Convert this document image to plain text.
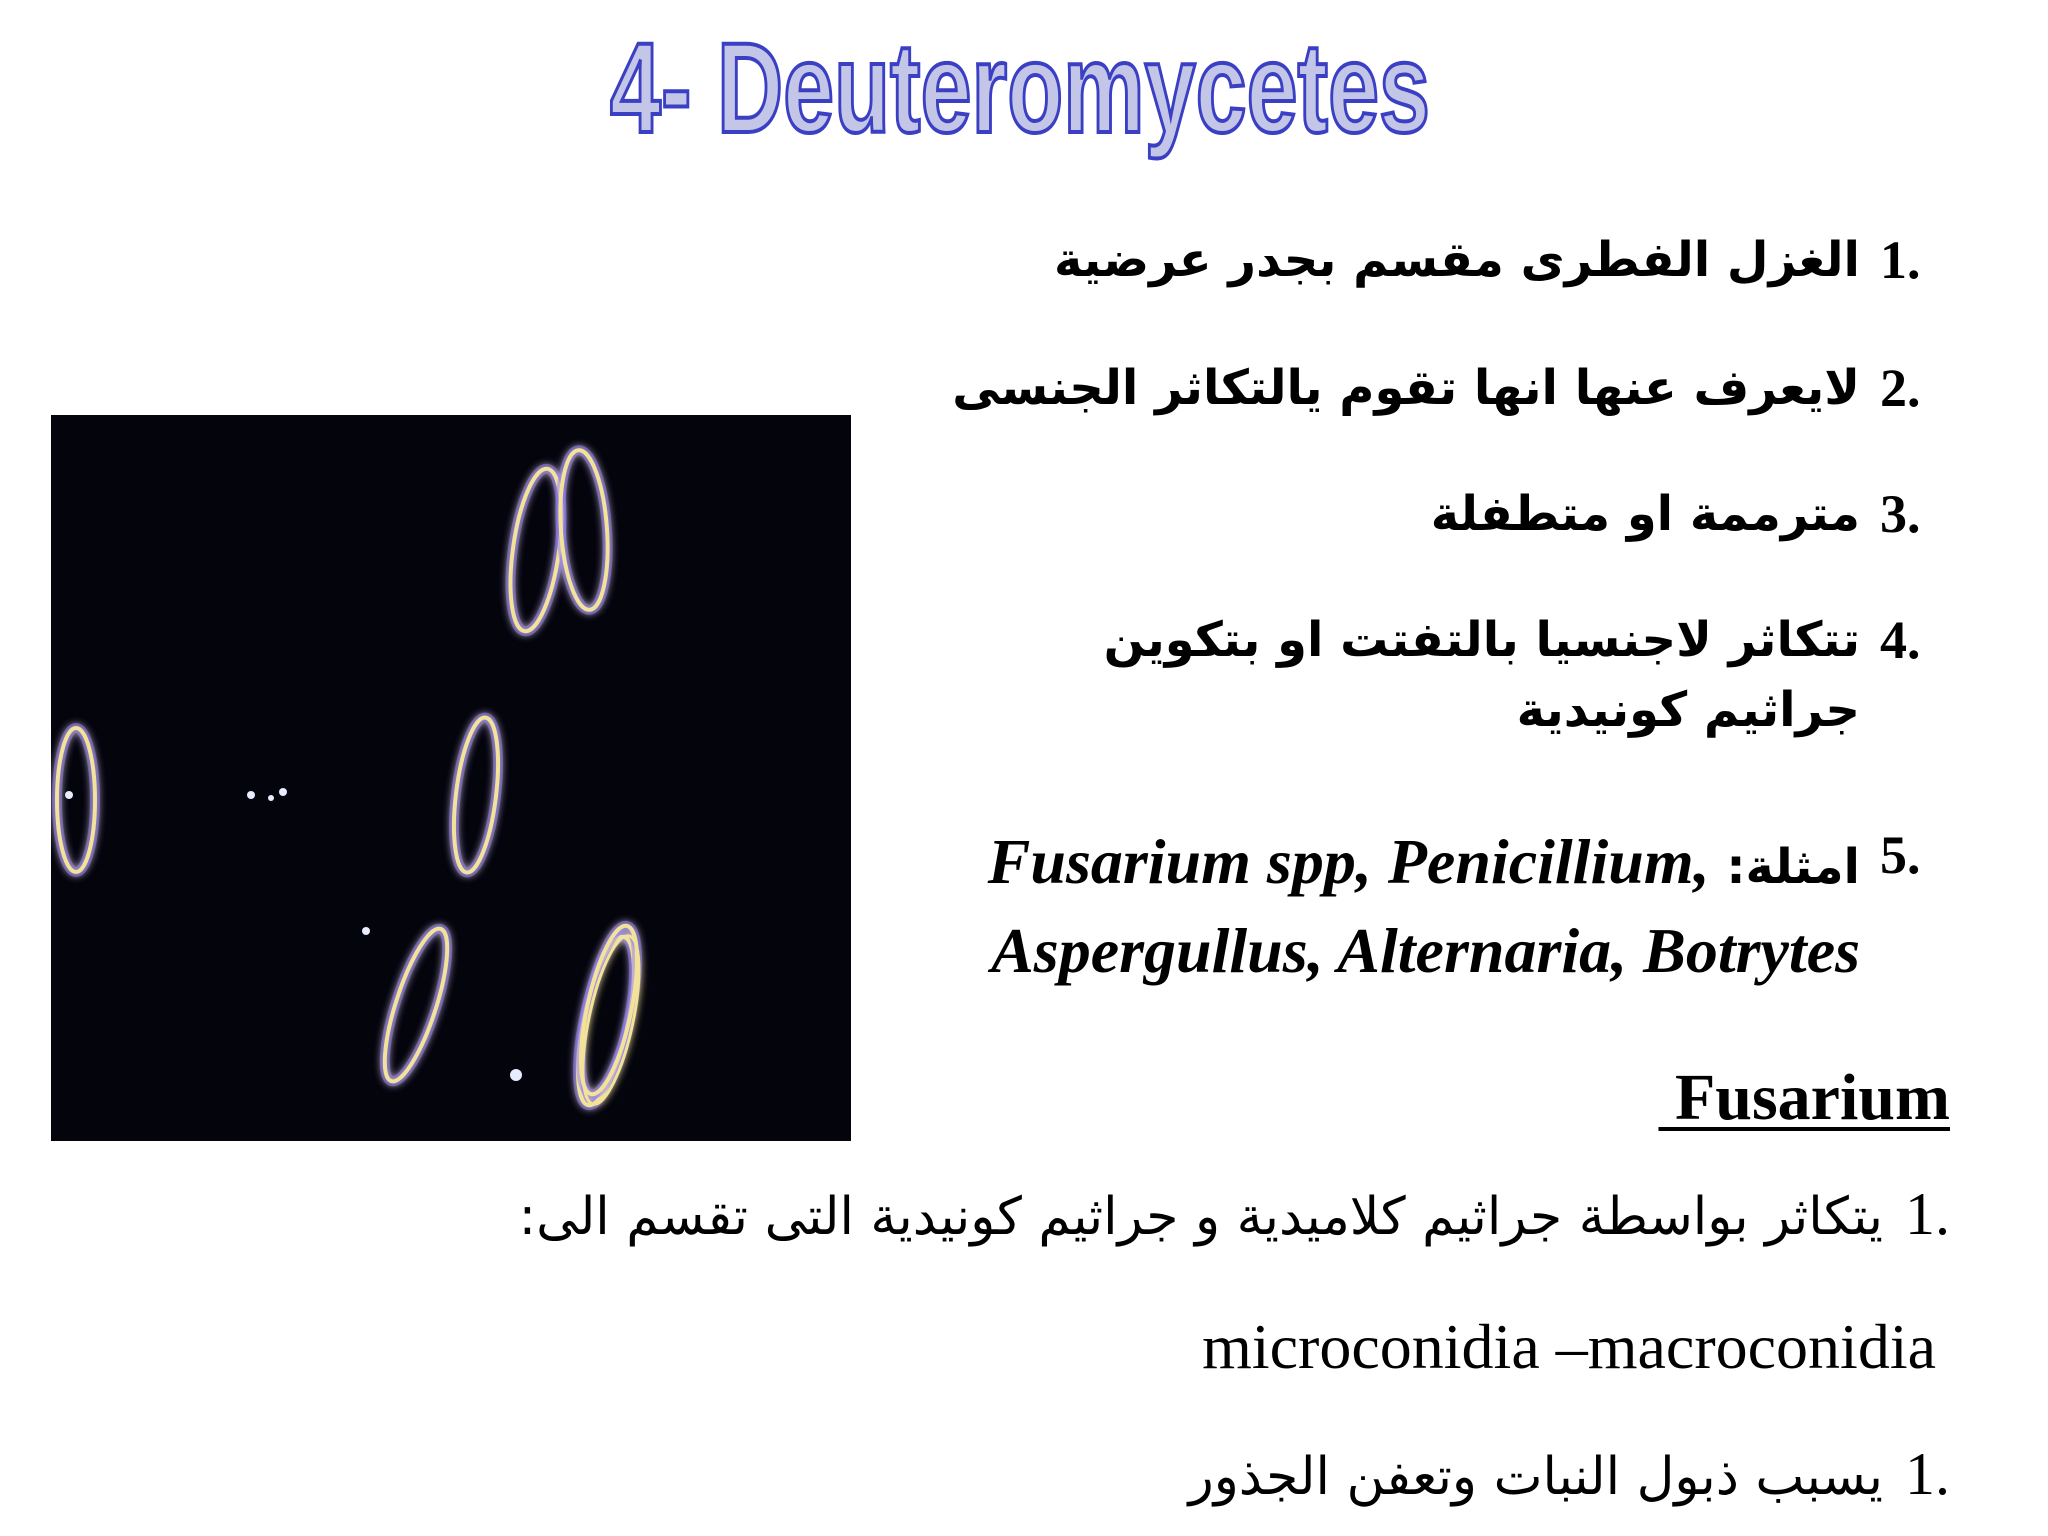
4- Deuteromycetes
1.
الغزل الفطرى مقسم بجدر عرضية
2.
لايعرف عنها انها تقوم يالتكاثر الجنسى
3.
مترممة او متطفلة
4.
تتكاثر لاجنسيا بالتفتت او بتكوين جراثيم كونيدية
5.
امثلة: Fusarium spp, Penicillium,
Aspergullus, Alternaria, Botrytes
Fusarium
1.
يتكاثر بواسطة جراثيم كلاميدية و جراثيم كونيدية التى تقسم الى:
microconidia –macroconidia
1.
يسبب ذبول النبات وتعفن الجذور
